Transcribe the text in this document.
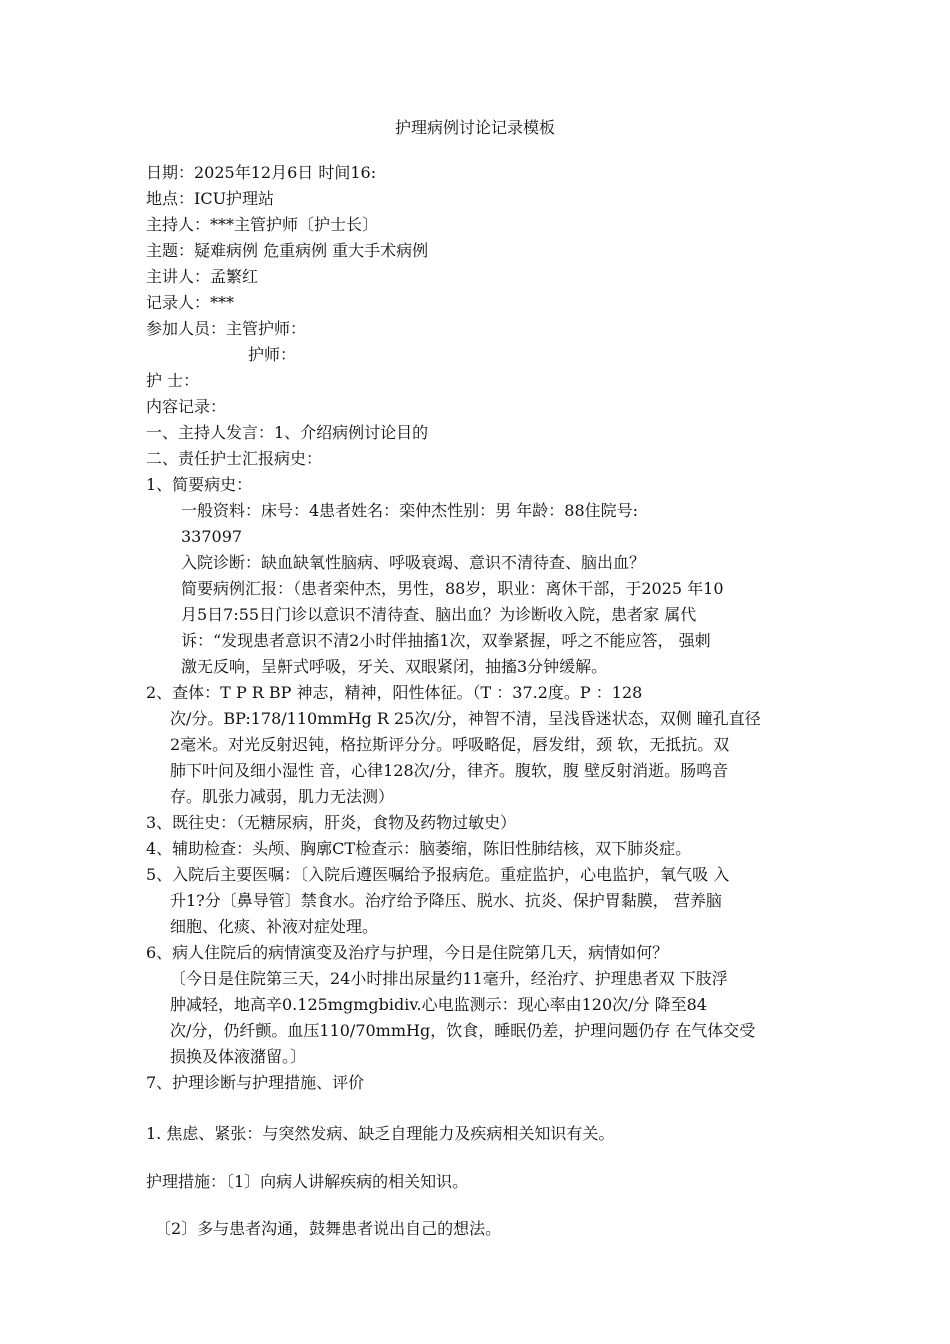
护理病例讨论记录模板
日期：2025年12月6日 时间16:
地点：ICU护理站
主持人：***主管护师〔护士长〕
主题：疑难病例 危重病例 重大手术病例
主讲人：孟繁红
记录人：***
参加人员：主管护师：
护师：
护 士：
内容记录：
一、主持人发言：1、介绍病例讨论目的
二、责任护士汇报病史：
1、简要病史：
一般资料：床号：4患者姓名：栾仲杰性别：男 年龄：88住院号:
337097
入院诊断：缺血缺氧性脑病、呼吸衰竭、意识不清待查、脑出血？
简要病例汇报：（患者栾仲杰，男性，88岁，职业：离休干部，于2025 年10
月5日7:55日门诊以意识不清待查、脑出血？为诊断收入院，患者家 属代
诉：“发现患者意识不清2小时伴抽搐1次，双拳紧握，呼之不能应答， 强刺
激无反响，呈鼾式呼吸，牙关、双眼紧闭，抽搐3分钟缓解。
2、查体：T P R BP 神志，精神，阳性体征。（T ：37.2度。P ：128
次/分。BP:178/110mmHg R 25次/分，神智不清，呈浅昏迷状态，双侧 瞳孔直径
2毫米。对光反射迟钝，格拉斯评分分。呼吸略促，唇发绀，颈 软，无抵抗。双
肺下叶问及细小湿性 音，心律128次/分，律齐。腹软，腹 壁反射消逝。肠鸣音
存。肌张力减弱，肌力无法测）
3、既往史：（无糖尿病，肝炎，食物及药物过敏史）
4、辅助检查：头颅、胸廓CT检查示：脑萎缩，陈旧性肺结核，双下肺炎症。
5、入院后主要医嘱：〔入院后遵医嘱给予报病危。重症监护，心电监护，氧气吸 入
升1?分〔鼻导管〕禁食水。治疗给予降压、脱水、抗炎、保护胃黏膜， 营养脑
细胞、化痰、补液对症处理。
6、病人住院后的病情演变及治疗与护理，今日是住院第几天，病情如何？
〔今日是住院第三天，24小时排出尿量约11毫升，经治疗、护理患者双 下肢浮
肿减轻，地高辛0.125mgmgbidiv.心电监测示：现心率由120次/分 降至84
次/分，仍纤颤。血压110/70mmHg，饮食，睡眠仍差，护理问题仍存 在气体交受
损换及体液潴留。〕
7、护理诊断与护理措施、评价
1. 焦虑、紧张：与突然发病、缺乏自理能力及疾病相关知识有关。
护理措施：〔1〕向病人讲解疾病的相关知识。
〔2〕多与患者沟通，鼓舞患者说出自己的想法。
